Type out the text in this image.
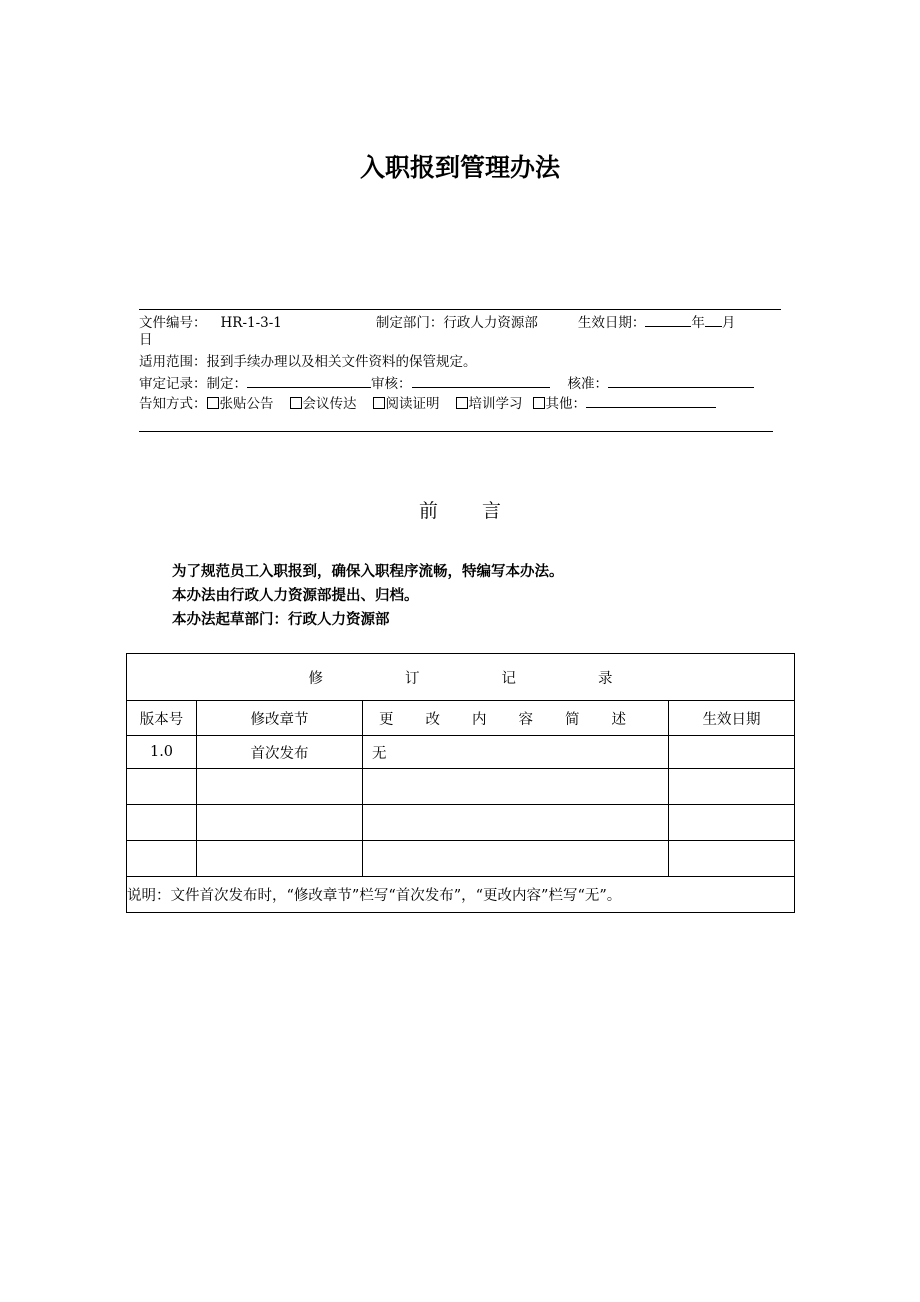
入职报到管理办法
文件编号： HR-1-3-1	制定部门：行政人力资源部	生效日期：	年 月
日
适用范围：报到手续办理以及相关文件资料的保管规定。
审定记录：制定：	审核：	核准：
告知方式： 张贴公告 会议传达 阅读证明 培训学习 其他：
前言
为了规范员工入职报到，确保入职程序流畅，特编写本办法。
本办法由行政人力资源部提出、归档。
本办法起草部门：行政人力资源部
修订记录			
版本号	修改章节	更改内容简述	生效日期
1.0	首次发布	无	

说明：文件首次发布时，“修改章节”栏写“首次发布”，“更改内容”栏写“无”。			
